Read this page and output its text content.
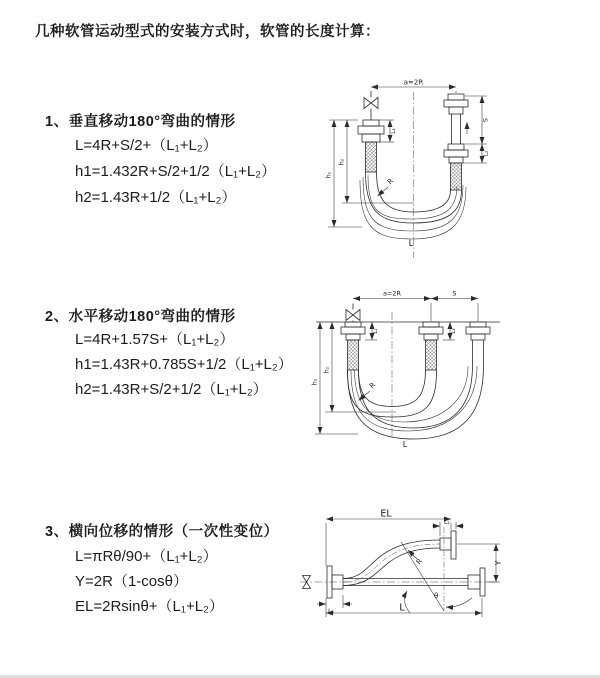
几种软管运动型式的安装方式时，软管的长度计算：
1、垂直移动180°弯曲的情形
L=4R+S/2+（L₁+L₂）
h1=1.432R+S/2+1/2（L₁+L₂）
h2=1.43R+1/2（L₁+L₂）
2、水平移动180°弯曲的情形
L=4R+1.57S+（L₁+L₂）
h1=1.43R+0.785S+1/2（L₁+L₂）
h2=1.43R+S/2+1/2（L₁+L₂）
3、横向位移的情形（一次性变位）
L=πRθ/90+（L₁+L₂）
Y=2R（1-cosθ）
EL=2Rsinθ+（L₁+L₂）
a=2R
L₁
S
L₂
h₂
h₁
R
L
a=2R	S
L₁	L₂
h₂
h₁	R
L
θ
R
EL
L₂
Y
L₁	L
